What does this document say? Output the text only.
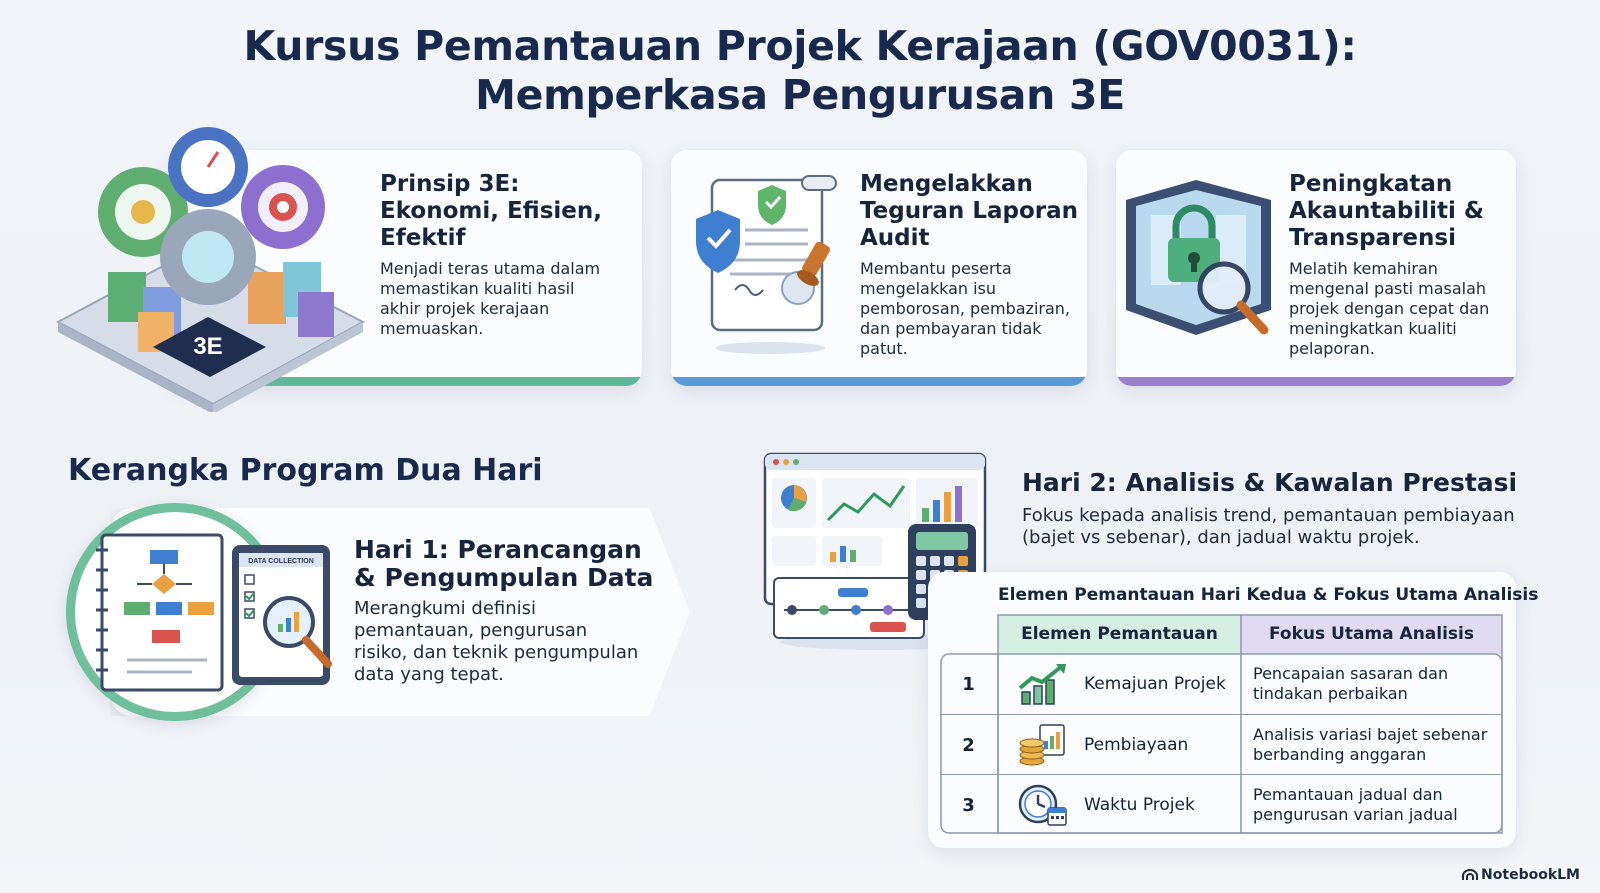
Kursus Pemantauan Projek Kerajaan (GOV0031):
Memperkasa Pengurusan 3E
3E
Prinsip 3E:
Ekonomi, Efisien,
Efektif
Menjadi teras utama dalam
memastikan kualiti hasil
akhir projek kerajaan
memuaskan.
Mengelakkan
Teguran Laporan
Audit
Membantu peserta
mengelakkan isu
pemborosan, pembaziran,
dan pembayaran tidak
patut.
Peningkatan
Akauntabiliti &
Transparensi
Melatih kemahiran
mengenal pasti masalah
projek dengan cepat dan
meningkatkan kualiti
pelaporan.
Kerangka Program Dua Hari
DATA COLLECTION Hari 1: Perancangan
& Pengumpulan Data
Merangkumi definisi
pemantauan, pengurusan
risiko, dan teknik pengumpulan
data yang tepat.
Hari 2: Analisis & Kawalan Prestasi
Fokus kepada analisis trend, pemantauan pembiayaan
(bajet vs sebenar), dan jadual waktu projek.
Elemen Pemantauan Hari Kedua & Fokus Utama Analisis
Elemen Pemantauan	Fokus Utama Analisis
1	Kemajuan Projek
Pencapaian sasaran dan
tindakan perbaikan
2	Pembiayaan
Analisis variasi bajet sebenar
berbanding anggaran
3	Waktu Projek
Pemantauan jadual dan
pengurusan varian jadual
NotebookLM
